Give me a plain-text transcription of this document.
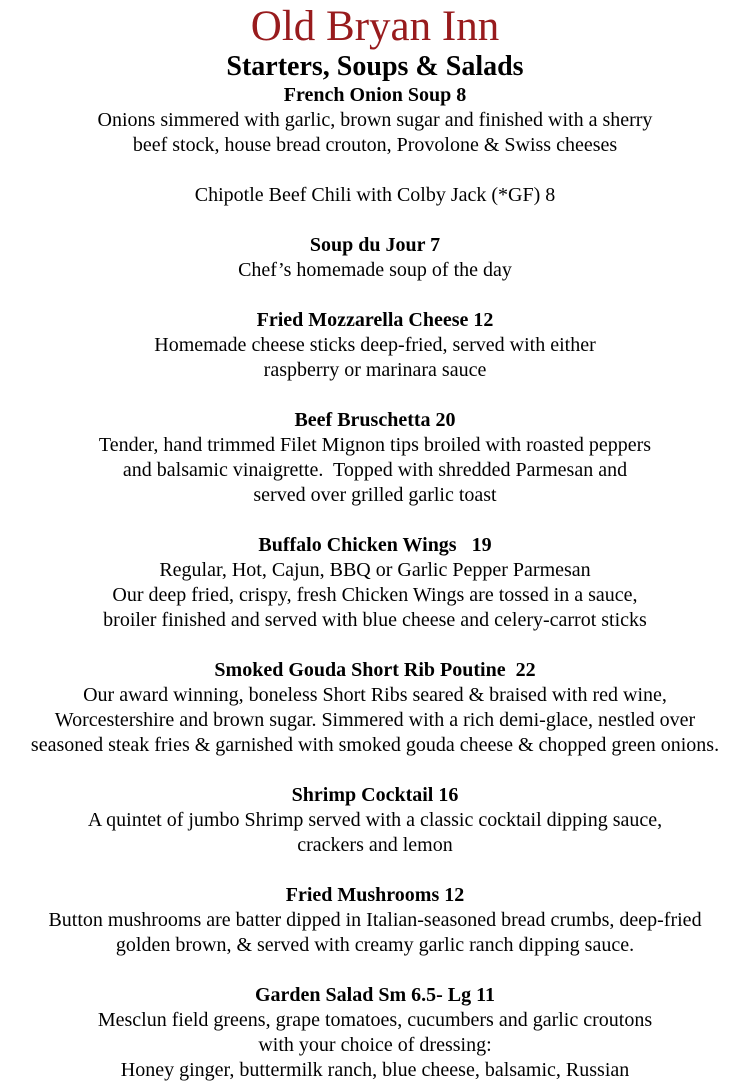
Old Bryan Inn
Starters, Soups & Salads
French Onion Soup 8
Onions simmered with garlic, brown sugar and finished with a sherry
beef stock, house bread crouton, Provolone & Swiss cheeses
Chipotle Beef Chili with Colby Jack (*GF) 8
Soup du Jour 7
Chef’s homemade soup of the day
Fried Mozzarella Cheese 12
Homemade cheese sticks deep-fried, served with either
raspberry or marinara sauce
Beef Bruschetta 20
Tender, hand trimmed Filet Mignon tips broiled with roasted peppers
and balsamic vinaigrette.  Topped with shredded Parmesan and
served over grilled garlic toast
Buffalo Chicken Wings   19
Regular, Hot, Cajun, BBQ or Garlic Pepper Parmesan
Our deep fried, crispy, fresh Chicken Wings are tossed in a sauce,
broiler finished and served with blue cheese and celery-carrot sticks
Smoked Gouda Short Rib Poutine  22
Our award winning, boneless Short Ribs seared & braised with red wine,
Worcestershire and brown sugar. Simmered with a rich demi-glace, nestled over
seasoned steak fries & garnished with smoked gouda cheese & chopped green onions.
Shrimp Cocktail 16
A quintet of jumbo Shrimp served with a classic cocktail dipping sauce,
crackers and lemon
Fried Mushrooms 12
Button mushrooms are batter dipped in Italian-seasoned bread crumbs, deep-fried
golden brown, & served with creamy garlic ranch dipping sauce.
Garden Salad Sm 6.5- Lg 11
Mesclun field greens, grape tomatoes, cucumbers and garlic croutons
with your choice of dressing:
Honey ginger, buttermilk ranch, blue cheese, balsamic, Russian
